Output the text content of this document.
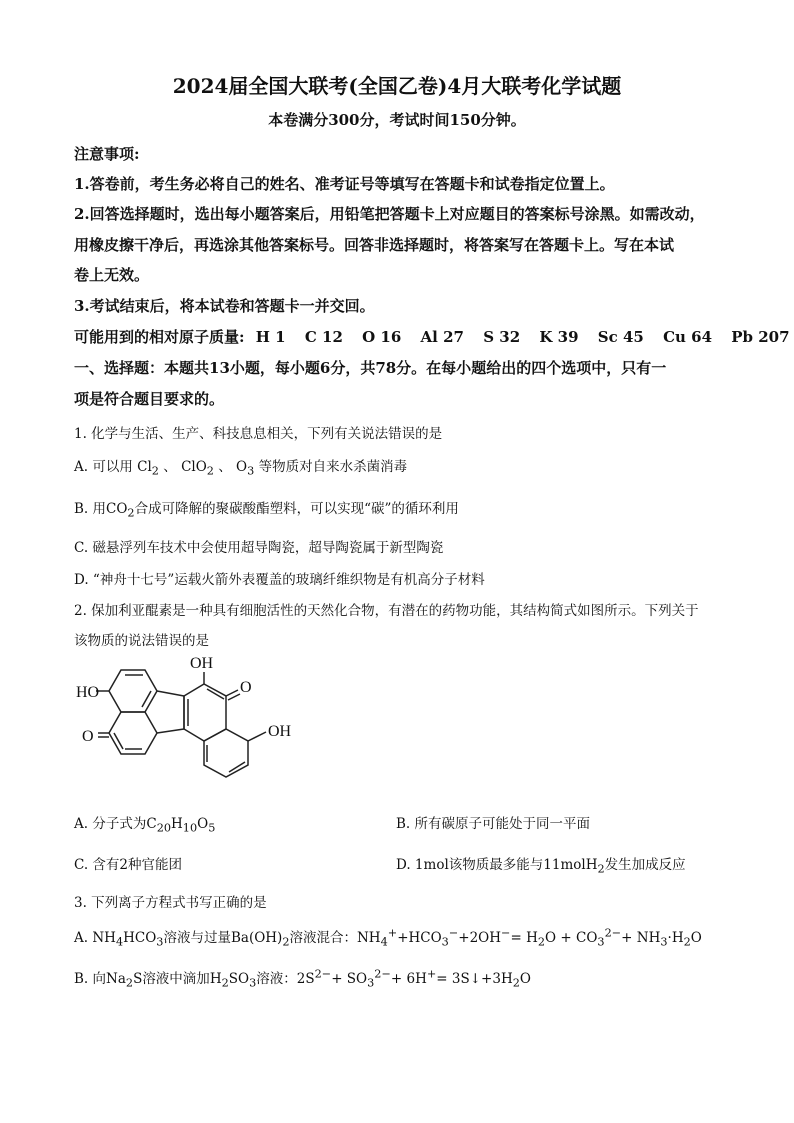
2024届全国大联考(全国乙卷)4月大联考化学试题
本卷满分300分，考试时间150分钟。
注意事项:
1.答卷前，考生务必将自己的姓名、准考证号等填写在答题卡和试卷指定位置上。
2.回答选择题时，选出每小题答案后，用铅笔把答题卡上对应题目的答案标号涂黑。如需改动，
用橡皮擦干净后，再选涂其他答案标号。回答非选择题时，将答案写在答题卡上。写在本试
卷上无效。
3.考试结束后，将本试卷和答题卡一并交回。
可能用到的相对原子质量: H 1 C 12 O 16 Al 27 S 32 K 39 Sc 45 Cu 64 Pb 207
一、选择题：本题共13小题，每小题6分，共78分。在每小题给出的四个选项中，只有一
项是符合题目要求的。
1. 化学与生活、生产、科技息息相关，下列有关说法错误的是
A. 可以用 $Cl_2$ 、 ClO$_2$ 、 $O_3$ 等物质对自来水杀菌消毒
B. 用$CO_2$合成可降解的聚碳酸酯塑料，可以实现“碳”的循环利用
C. 磁悬浮列车技术中会使用超导陶瓷，超导陶瓷属于新型陶瓷
D. “神舟十七号”运载火箭外表覆盖的玻璃纤维织物是有机高分子材料
2. 保加利亚醌素是一种具有细胞活性的天然化合物，有潜在的药物功能，其结构简式如图所示。下列关于
该物质的说法错误的是
HO
O
OH
O
OH
A. 分子式为$C_{20}H_{10}O_5$	B. 所有碳原子可能处于同一平面
C. 含有2种官能团	D. 1mol该物质最多能与11molH$_2$发生加成反应
3. 下列离子方程式书写正确的是
A. $NH_4HCO_3$溶液与过量$Ba(OH)_2$溶液混合：$NH_4^++HCO_3^-+2OH^-= H_2O + CO_3^{2-}+ NH_3\cdot H_2O$
B. 向$Na_2S$溶液中滴加$H_2SO_3$溶液：$2S^{2-}+ SO_3^{2-}+ 6H^+=$ $3S↓+3H_2O$
